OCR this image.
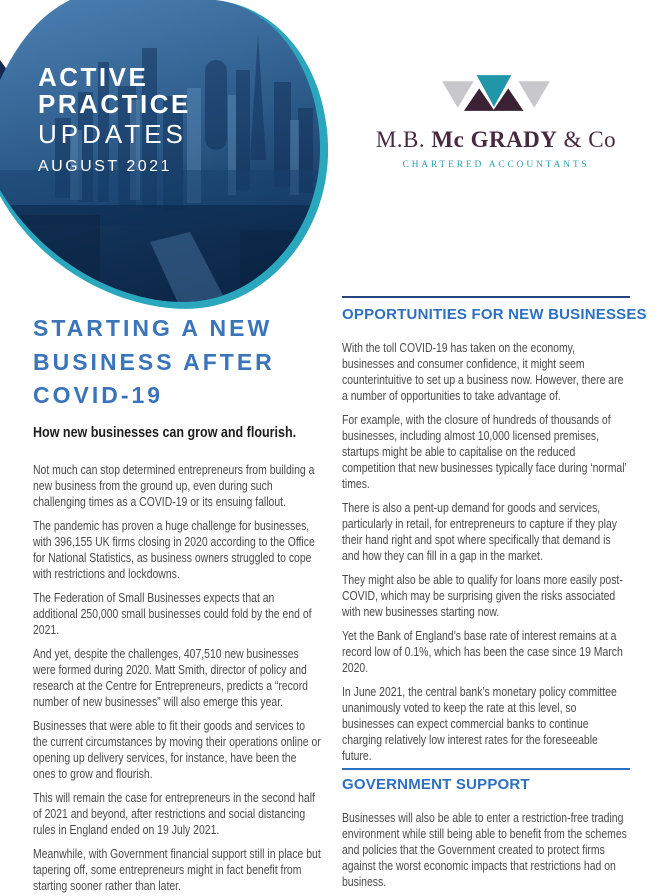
ACTIVE
PRACTICE
UPDATES
AUGUST 2021
M.B. Mc GRADY & Co
CHARTERED ACCOUNTANTS
STARTING A NEW
BUSINESS AFTER
COVID-19
How new businesses can grow and flourish.

Not much can stop determined entrepreneurs from building a new business from the ground up, even during such challenging times as a COVID-19 or its ensuing fallout.

The pandemic has proven a huge challenge for businesses, with 396,155 UK firms closing in 2020 according to the Office for National Statistics, as business owners struggled to cope with restrictions and lockdowns.

The Federation of Small Businesses expects that an additional 250,000 small businesses could fold by the end of 2021.

And yet, despite the challenges, 407,510 new businesses were formed during 2020. Matt Smith, director of policy and research at the Centre for Entrepreneurs, predicts a “record number of new businesses” will also emerge this year.

Businesses that were able to fit their goods and services to the current circumstances by moving their operations online or opening up delivery services, for instance, have been the ones to grow and flourish.

This will remain the case for entrepreneurs in the second half of 2021 and beyond, after restrictions and social distancing rules in England ended on 19 July 2021.

Meanwhile, with Government financial support still in place but tapering off, some entrepreneurs might in fact benefit from starting sooner rather than later.

OPPORTUNITIES FOR NEW BUSINESSES

With the toll COVID-19 has taken on the economy, businesses and consumer confidence, it might seem counterintuitive to set up a business now. However, there are a number of opportunities to take advantage of.

For example, with the closure of hundreds of thousands of businesses, including almost 10,000 licensed premises, startups might be able to capitalise on the reduced competition that new businesses typically face during ‘normal’ times.

There is also a pent-up demand for goods and services, particularly in retail, for entrepreneurs to capture if they play their hand right and spot where specifically that demand is and how they can fill in a gap in the market.

They might also be able to qualify for loans more easily post-COVID, which may be surprising given the risks associated with new businesses starting now.

Yet the Bank of England’s base rate of interest remains at a record low of 0.1%, which has been the case since 19 March 2020.

In June 2021, the central bank’s monetary policy committee unanimously voted to keep the rate at this level, so businesses can expect commercial banks to continue charging relatively low interest rates for the foreseeable future.

GOVERNMENT SUPPORT

Businesses will also be able to enter a restriction-free trading environment while still being able to benefit from the schemes and policies that the Government created to protect firms against the worst economic impacts that restrictions had on business.
